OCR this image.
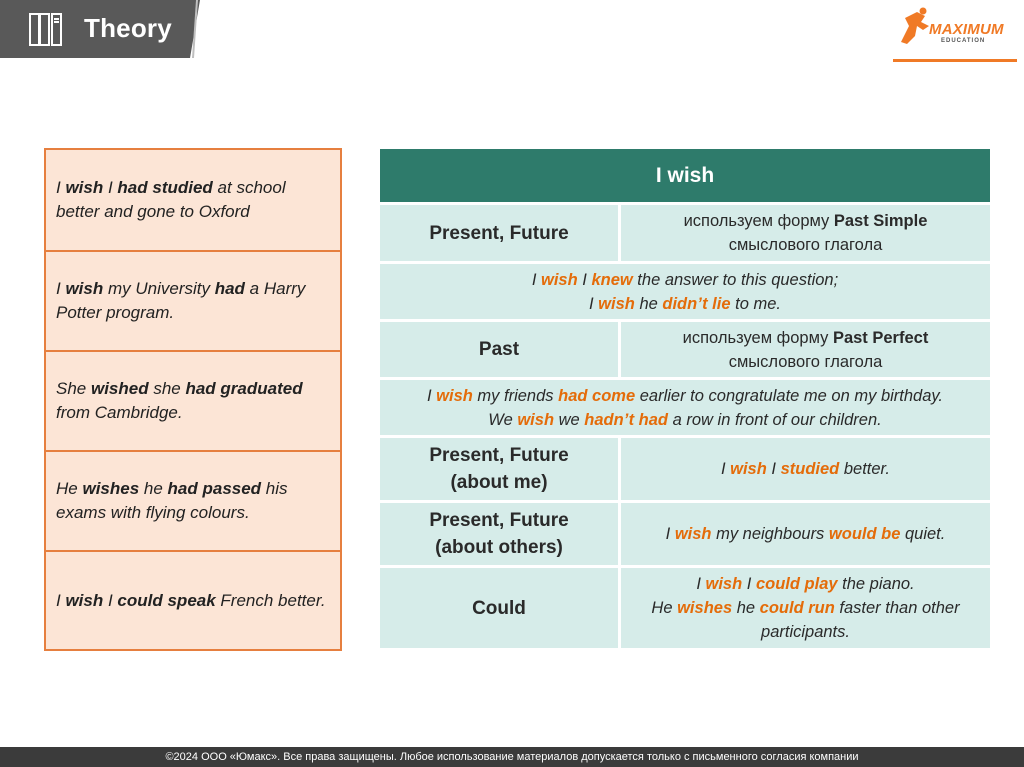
Theory	MAXIMUM
EDUCATION
I wish I had studied at school better and gone to Oxford
I wish my University had a Harry Potter program.
She wished she had graduated from Cambridge.
He wishes he had passed his exams with flying colours.
I wish I could speak French better.
I wish
Present, Future
используем форму Past Simple
смыслового глагола
I wish I knew the answer to this question;
I wish he didn’t lie to me.
Past
используем форму Past Perfect
смыслового глагола
I wish my friends had come earlier to congratulate me on my birthday.
We wish we hadn’t had a row in front of our children.
Present, Future
(about me)
I wish I studied better.
Present, Future
(about others)
I wish my neighbours would be quiet.
Could
I wish I could play the piano.
He wishes he could run faster than other participants.
©2024 ООО «Юмакс». Все права защищены. Любое использование материалов допускается только с письменного согласия компании
